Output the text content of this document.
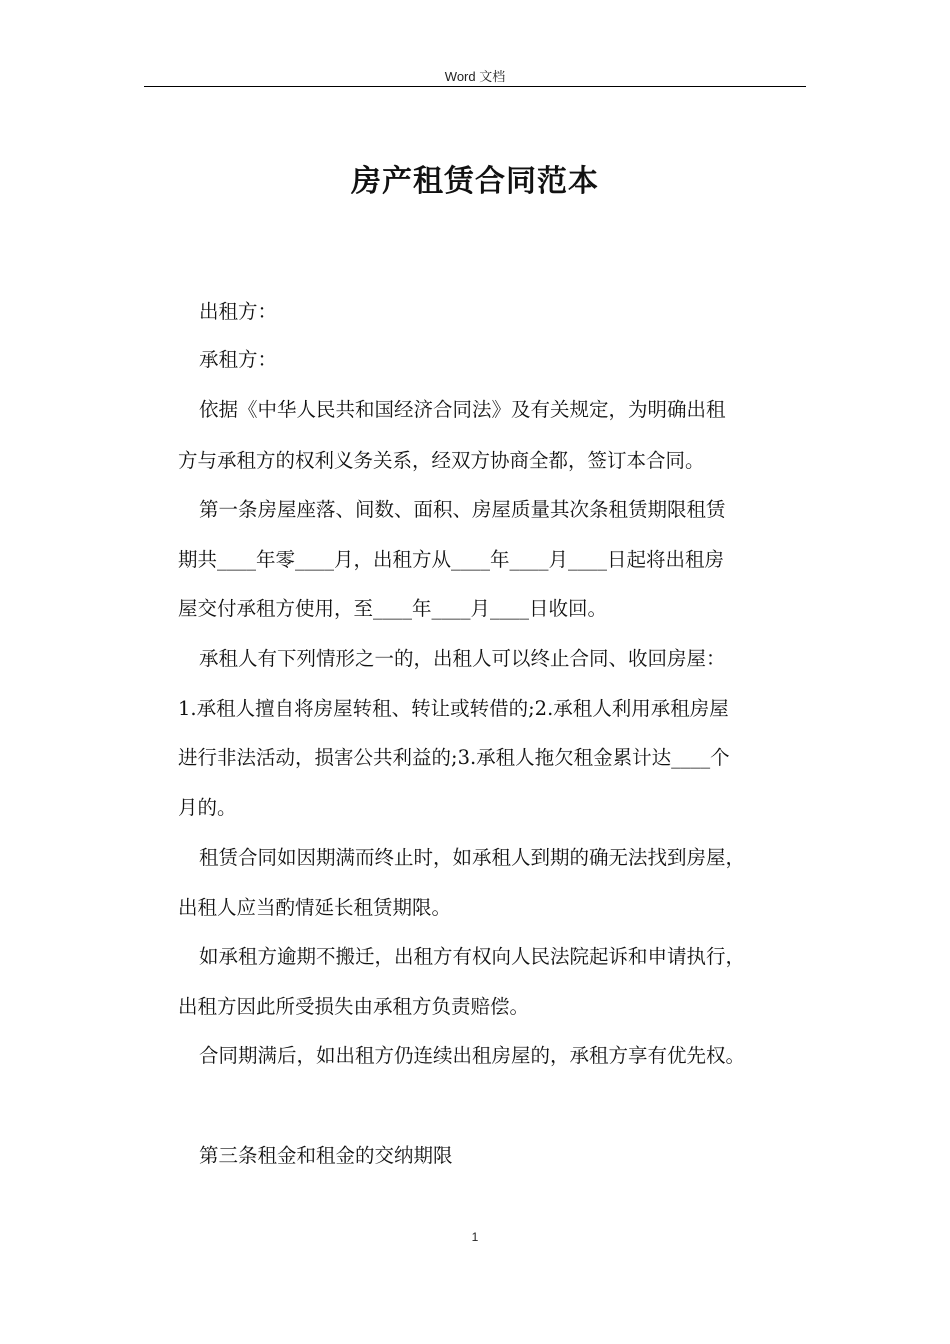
Word 文档
房产租赁合同范本
出租方：
承租方：
依据《中华人民共和国经济合同法》及有关规定，为明确出租
方与承租方的权利义务关系，经双方协商全都，签订本合同。
第一条房屋座落、间数、面积、房屋质量其次条租赁期限租赁
期共____年零____月，出租方从____年____月____日起将出租房
屋交付承租方使用，至____年____月____日收回。
承租人有下列情形之一的，出租人可以终止合同、收回房屋：
1.承租人擅自将房屋转租、转让或转借的;2.承租人利用承租房屋
进行非法活动，损害公共利益的;3.承租人拖欠租金累计达____个
月的。
租赁合同如因期满而终止时，如承租人到期的确无法找到房屋，
出租人应当酌情延长租赁期限。
如承租方逾期不搬迁，出租方有权向人民法院起诉和申请执行，
出租方因此所受损失由承租方负责赔偿。
合同期满后，如出租方仍连续出租房屋的，承租方享有优先权。
第三条租金和租金的交纳期限
1
